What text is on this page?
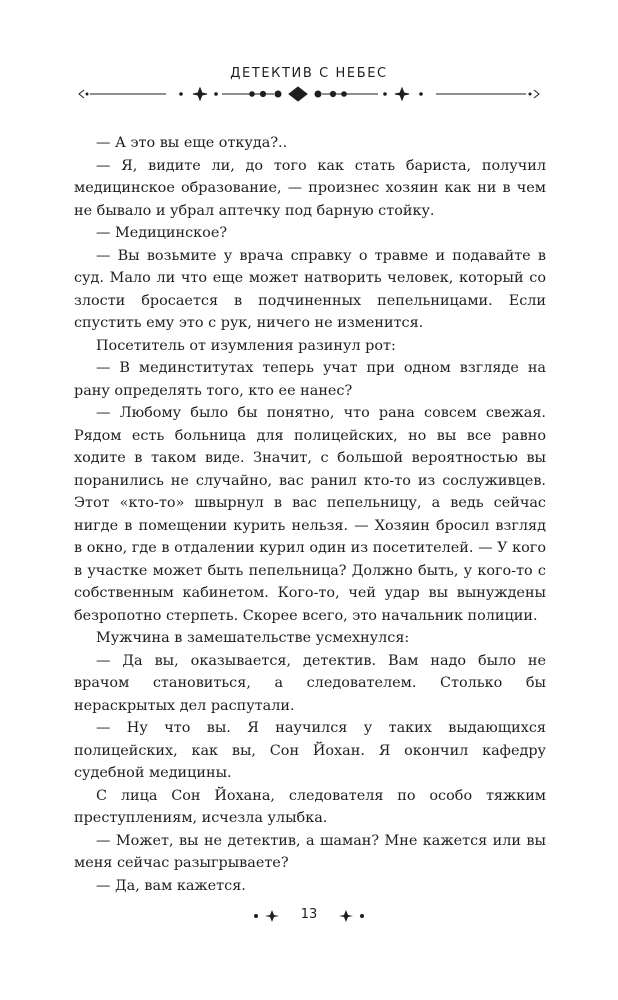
ДЕТЕКТИВ С НЕБЕС

— А это вы еще откуда?..

— Я, видите ли, до того как стать бариста, получил медицинское образование, — произнес хозяин как ни в чем не бывало и убрал аптечку под барную стойку.

— Медицинское?

— Вы возьмите у врача справку о травме и подавайте в суд. Мало ли что еще может натворить человек, который со злости бросается в подчиненных пепельницами. Если спустить ему это с рук, ничего не изменится.

Посетитель от изумления разинул рот:

— В мединститутах теперь учат при одном взгляде на рану определять того, кто ее нанес?

— Любому было бы понятно, что рана совсем свежая. Рядом есть больница для полицейских, но вы все равно ходите в таком виде. Значит, с большой вероятностью вы поранились не случайно, вас ранил кто-то из сослуживцев. Этот «кто-то» швырнул в вас пепельницу, а ведь сейчас нигде в помещении курить нельзя. — Хозяин бросил взгляд в окно, где в отдалении курил один из посетителей. — У кого в участке может быть пепельница? Должно быть, у кого-то с собственным кабинетом. Кого-то, чей удар вы вынуждены безропотно стерпеть. Скорее всего, это начальник полиции.

Мужчина в замешательстве усмехнулся:

— Да вы, оказывается, детектив. Вам надо было не врачом становиться, а следователем. Столько бы нераскрытых дел распутали.

— Ну что вы. Я научился у таких выдающихся полицейских, как вы, Сон Йохан. Я окончил кафедру судебной медицины.

С лица Сон Йохана, следователя по особо тяжким преступлениям, исчезла улыбка.

— Может, вы не детектив, а шаман? Мне кажется или вы меня сейчас разыгрываете?

— Да, вам кажется.

13
